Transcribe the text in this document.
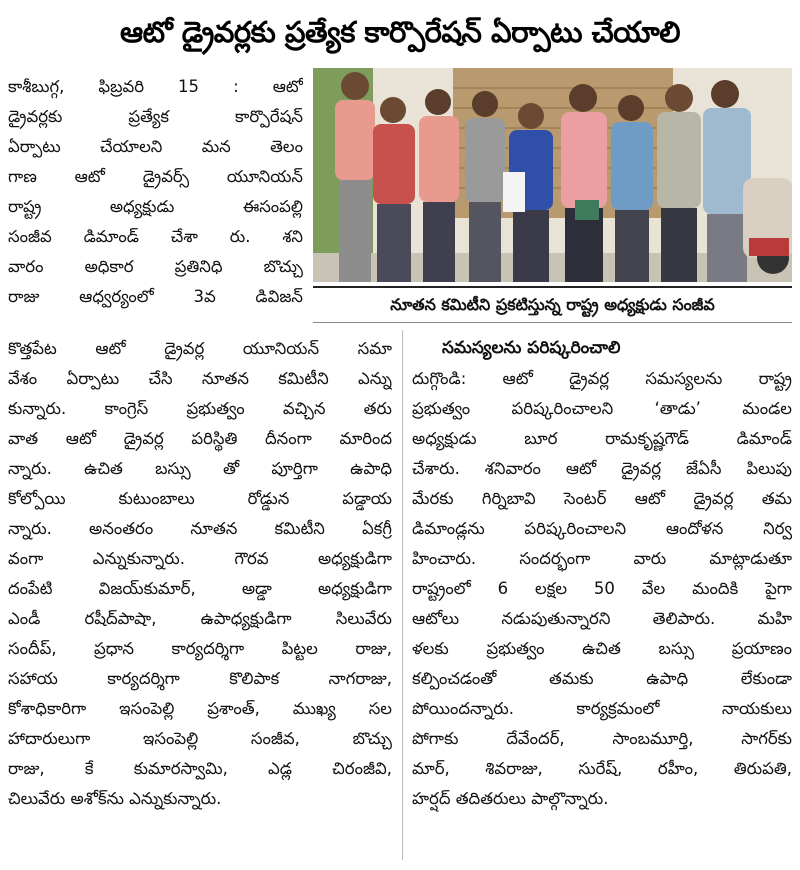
ఆటో డ్రైవర్లకు ప్రత్యేక కార్పొరేషన్ ఏర్పాటు చేయాలి
కాశీబుగ్గ, ఫిబ్రవరి 15 : ఆటో
డ్రైవర్లకు ప్రత్యేక కార్పొరేషన్
ఏర్పాటు చేయాలని మన తెలం
గాణ ఆటో డ్రైవర్స్ యూనియన్
రాష్ట్ర అధ్యక్షుడు ఈసంపల్లి
సంజీవ డిమాండ్ చేశా రు. శని
వారం అధికార ప్రతినిధి బొచ్చు
రాజు ఆధ్వర్యంలో 3వ డివిజన్	నూతన కమిటీని ప్రకటిస్తున్న రాష్ట్ర అధ్యక్షుడు సంజీవ
కొత్తపేట ఆటో డ్రైవర్ల యూనియన్ సమా
వేశం ఏర్పాటు చేసి నూతన కమిటీని ఎన్ను
కున్నారు. కాంగ్రెస్ ప్రభుత్వం వచ్చిన తరు
వాత ఆటో డ్రైవర్ల పరిస్థితి దీనంగా మారింద
న్నారు. ఉచిత బస్సు తో పూర్తిగా ఉపాధి
కోల్పోయి కుటుంబాలు రోడ్డున పడ్డాయ
న్నారు. అనంతరం నూతన కమిటీని ఏకగ్రీ
వంగా ఎన్నుకున్నారు. గౌరవ అధ్యక్షుడిగా
దంపేటి విజయ్‌కుమార్, అడ్డా అధ్యక్షుడిగా
ఎండీ రషీద్‌పాషా, ఉపాధ్యక్షుడిగా సిలువేరు
సందీప్, ప్రధాన కార్యదర్శిగా పిట్టల రాజు,
సహాయ కార్యదర్శిగా కొలిపాక నాగరాజు,
కోశాధికారిగా ఇసంపెల్లి ప్రశాంత్, ముఖ్య సల
హాదారులుగా ఇసంపెల్లి సంజీవ, బొచ్చు
రాజు, కే కుమారస్వామి, ఎడ్ల చిరంజీవి,
చిలువేరు అశోక్‌ను ఎన్నుకున్నారు.
సమస్యలను పరిష్కరించాలి
దుగ్గొండి: ఆటో డ్రైవర్ల సమస్యలను రాష్ట్ర
ప్రభుత్వం పరిష్కరించాలని ‘తాడు’ మండల
అధ్యక్షుడు బూర రామకృష్ణగౌడ్ డిమాండ్
చేశారు. శనివారం ఆటో డ్రైవర్ల జేఏసీ పిలుపు
మేరకు గిర్నిబావి సెంటర్ ఆటో డ్రైవర్ల తమ
డిమాండ్లను పరిష్కరించాలని ఆందోళన నిర్వ
హించారు. సందర్భంగా వారు మాట్లాడుతూ
రాష్ట్రంలో 6 లక్షల 50 వేల మందికి పైగా
ఆటోలు నడుపుతున్నారని తెలిపారు. మహి
ళలకు ప్రభుత్వం ఉచిత బస్సు ప్రయాణం
కల్పించడంతో తమకు ఉపాధి లేకుండా
పోయిందన్నారు. కార్యక్రమంలో నాయకులు
పోగాకు దేవేందర్, సాంబమూర్తి, సాగర్‌కు
మార్, శివరాజు, సురేష్, రహీం, తిరుపతి,
హర్షద్ తదితరులు పాల్గొన్నారు.
